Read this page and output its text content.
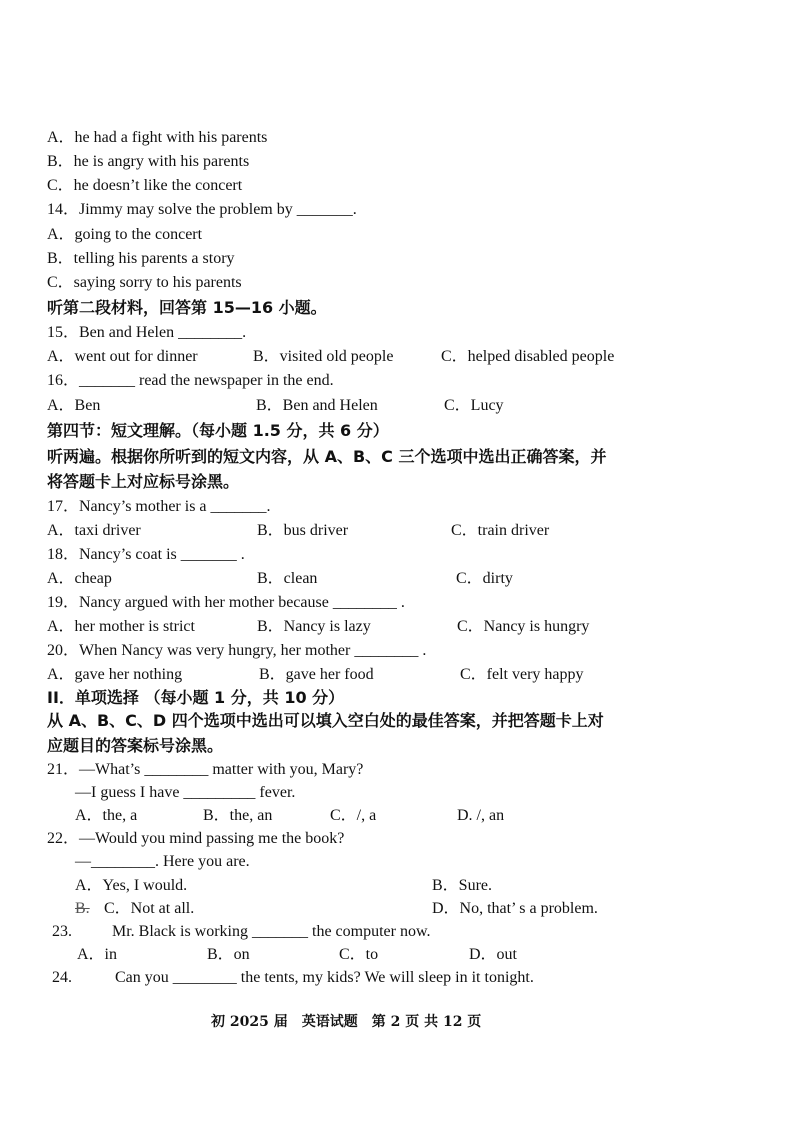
A．he had a fight with his parents
B．he is angry with his parents
C．he doesn’t like the concert
14．Jimmy may solve the problem by _______.
A．going to the concert
B．telling his parents a story
C．saying sorry to his parents
听第二段材料，回答第 15—16 小题。
15．Ben and Helen ________.
A．went out for dinner	B．visited old people	C．helped disabled people
16．_______ read the newspaper in the end.
A．Ben	B．Ben and Helen	C．Lucy
第四节：短文理解。（每小题 1.5 分，共 6 分）
听两遍。根据你所听到的短文内容，从 A、B、C 三个选项中选出正确答案，并
将答题卡上对应标号涂黑。
17．Nancy’s mother is a _______.
A．taxi driver	B．bus driver	C．train driver
18．Nancy’s coat is _______ .
A．cheap	B．clean	C．dirty
19．Nancy argued with her mother because ________ .
A．her mother is strict	B．Nancy is lazy	C．Nancy is hungry
20．When Nancy was very hungry, her mother ________ .
A．gave her nothing	B．gave her food	C．felt very happy
II．单项选择 （每小题 1 分，共 10 分）
从 A、B、C、D 四个选项中选出可以填入空白处的最佳答案，并把答题卡上对
应题目的答案标号涂黑。
21．—What’s ________ matter with you, Mary?
—I guess I have _________ fever.
A．the, a	B．the, an	C．/, a	D. /, an
22．—Would you mind passing me the book?
—________. Here you are.
A．Yes, I would.	B．Sure.
B. C．Not at all.	D．No, that’ s a problem.
23.	Mr. Black is working _______ the computer now.
A．in	B．on	C．to	D．out
24.	Can you ________ the tents, my kids? We will sleep in it tonight.
初 2025 届　英语试题　第 2 页 共 12 页
